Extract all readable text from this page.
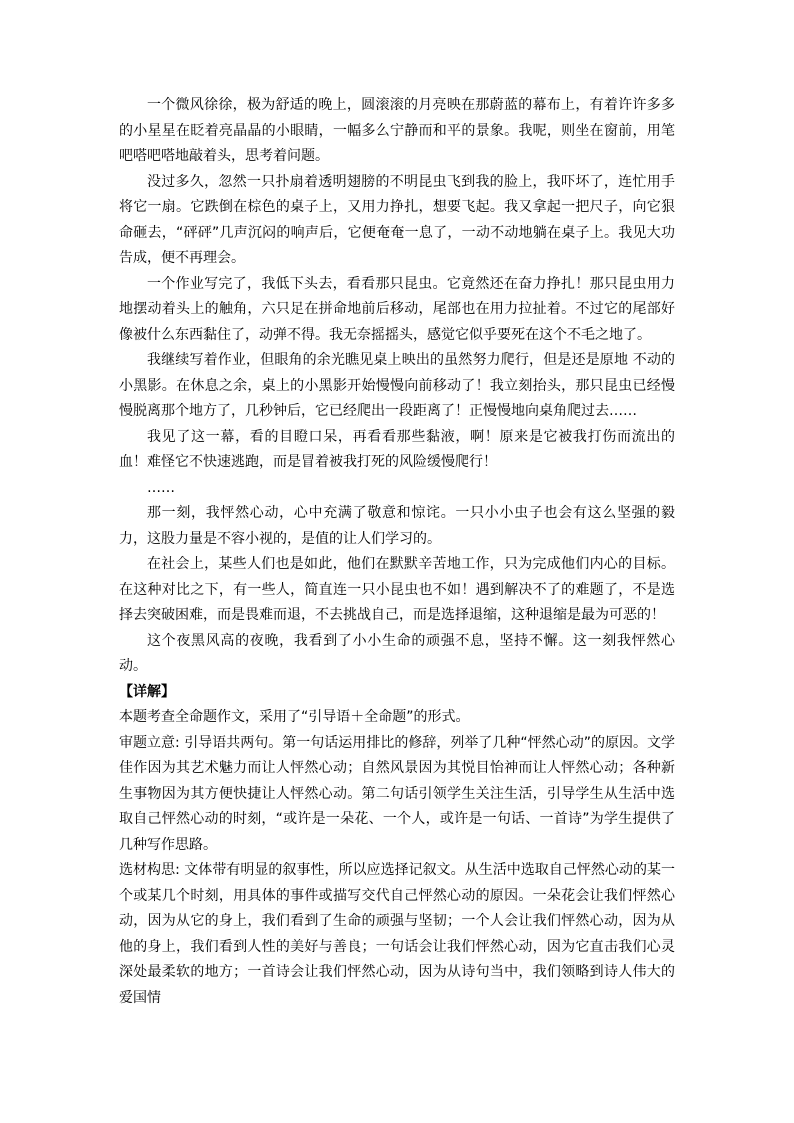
一个微风徐徐，极为舒适的晚上，圆滚滚的月亮映在那蔚蓝的幕布上，有着许许多多的小星星在眨着亮晶晶的小眼睛，一幅多么宁静而和平的景象。我呢，则坐在窗前，用笔吧嗒吧嗒地敲着头，思考着问题。

没过多久，忽然一只扑扇着透明翅膀的不明昆虫飞到我的脸上，我吓坏了，连忙用手将它一扇。它跌倒在棕色的桌子上，又用力挣扎，想要飞起。我又拿起一把尺子，向它狠命砸去，“砰砰”几声沉闷的响声后，它便奄奄一息了，一动不动地躺在桌子上。我见大功告成，便不再理会。

一个作业写完了，我低下头去，看看那只昆虫。它竟然还在奋力挣扎！那只昆虫用力地摆动着头上的触角，六只足在拼命地前后移动，尾部也在用力拉扯着。不过它的尾部好像被什么东西黏住了，动弹不得。我无奈摇摇头，感觉它似乎要死在这个不毛之地了。

我继续写着作业，但眼角的余光瞧见桌上映出的虽然努力爬行，但是还是原地 不动的小黑影。在休息之余，桌上的小黑影开始慢慢向前移动了！我立刻抬头，那只昆虫已经慢慢脱离那个地方了，几秒钟后，它已经爬出一段距离了！正慢慢地向桌角爬过去……

我见了这一幕，看的目瞪口呆，再看看那些黏液，啊！原来是它被我打伤而流出的血！难怪它不快速逃跑，而是冒着被我打死的风险缓慢爬行！

……

那一刻，我怦然心动，心中充满了敬意和惊诧。一只小小虫子也会有这么坚强的毅力，这股力量是不容小视的，是值的让人们学习的。

在社会上，某些人们也是如此，他们在默默辛苦地工作，只为完成他们内心的目标。在这种对比之下，有一些人，简直连一只小昆虫也不如！遇到解决不了的难题了，不是选择去突破困难，而是畏难而退，不去挑战自己，而是选择退缩，这种退缩是最为可恶的！

这个夜黑风高的夜晚，我看到了小小生命的顽强不息，坚持不懈。这一刻我怦然心动。

【详解】

本题考查全命题作文，采用了“引导语＋全命题”的形式。

审题立意: 引导语共两句。第一句话运用排比的修辞，列举了几种“怦然心动”的原因。文学佳作因为其艺术魅力而让人怦然心动；自然风景因为其悦目怡神而让人怦然心动；各种新生事物因为其方便快捷让人怦然心动。第二句话引领学生关注生活，引导学生从生活中选取自己怦然心动的时刻，“或许是一朵花、一个人，或许是一句话、一首诗”为学生提供了几种写作思路。

选材构思: 文体带有明显的叙事性，所以应选择记叙文。从生活中选取自己怦然心动的某一个或某几个时刻，用具体的事件或描写交代自己怦然心动的原因。一朵花会让我们怦然心动，因为从它的身上，我们看到了生命的顽强与坚韧；一个人会让我们怦然心动，因为从他的身上，我们看到人性的美好与善良；一句话会让我们怦然心动，因为它直击我们心灵深处最柔软的地方；一首诗会让我们怦然心动，因为从诗句当中，我们领略到诗人伟大的爱国情
